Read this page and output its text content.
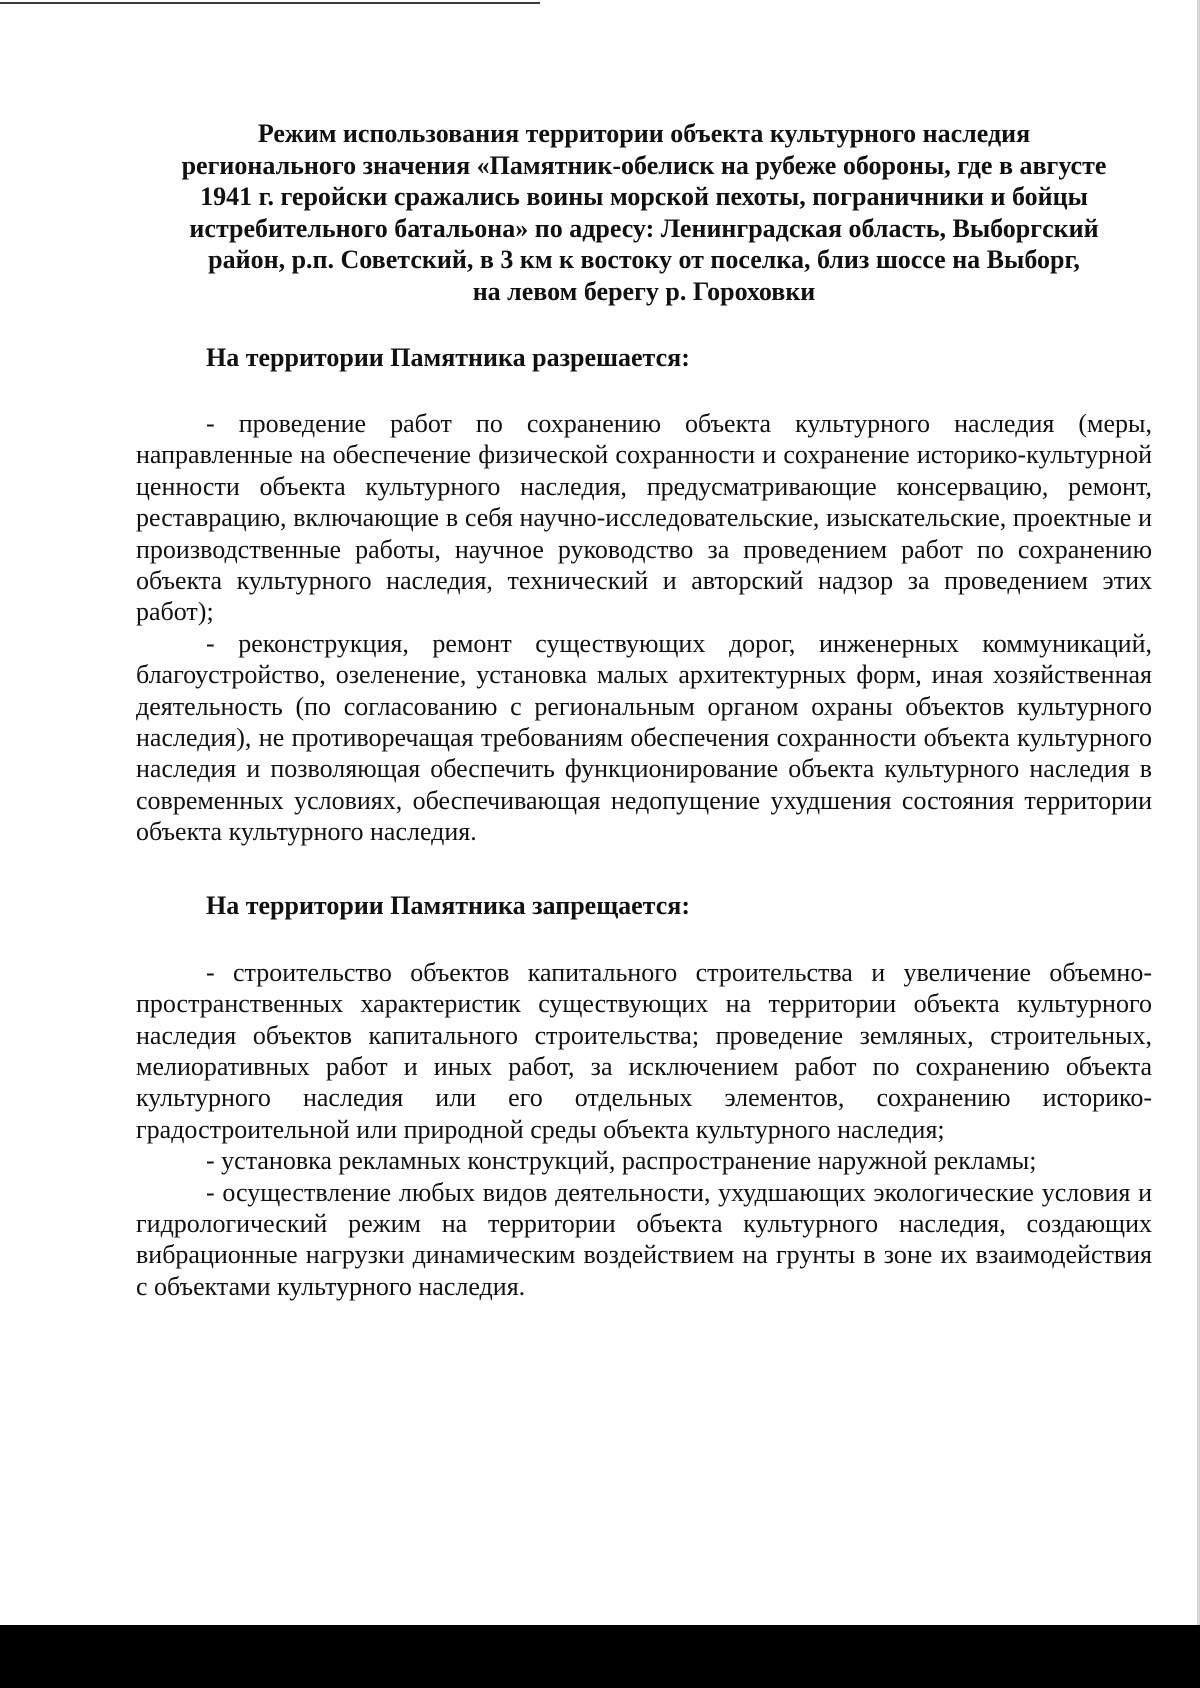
Режим использования территории объекта культурного наследия
регионального значения «Памятник-обелиск на рубеже обороны, где в августе
1941 г. геройски сражались воины морской пехоты, пограничники и бойцы
истребительного батальона» по адресу: Ленинградская область, Выборгский
район, р.п. Советский, в 3 км к востоку от поселка, близ шоссе на Выборг,
на левом берегу р. Гороховки
На территории Памятника разрешается:

- проведение работ по сохранению объекта культурного наследия (меры, направленные на обеспечение физической сохранности и сохранение историко-культурной ценности объекта культурного наследия, предусматривающие консервацию, ремонт, реставрацию, включающие в себя научно-исследовательские, изыскательские, проектные и производственные работы, научное руководство за проведением работ по сохранению объекта культурного наследия, технический и авторский надзор за проведением этих работ);

- реконструкция, ремонт существующих дорог, инженерных коммуникаций, благоустройство, озеленение, установка малых архитектурных форм, иная хозяйственная деятельность (по согласованию с региональным органом охраны объектов культурного наследия), не противоречащая требованиям обеспечения сохранности объекта культурного наследия и позволяющая обеспечить функционирование объекта культурного наследия в современных условиях, обеспечивающая недопущение ухудшения состояния территории объекта культурного наследия.

На территории Памятника запрещается:

- строительство объектов капитального строительства и увеличение объемно-пространственных характеристик существующих на территории объекта культурного наследия объектов капитального строительства; проведение земляных, строительных, мелиоративных работ и иных работ, за исключением работ по сохранению объекта культурного наследия или его отдельных элементов, сохранению историко-градостроительной или природной среды объекта культурного наследия;

- установка рекламных конструкций, распространение наружной рекламы;

- осуществление любых видов деятельности, ухудшающих экологические условия и гидрологический режим на территории объекта культурного наследия, создающих вибрационные нагрузки динамическим воздействием на грунты в зоне их взаимодействия с объектами культурного наследия.
